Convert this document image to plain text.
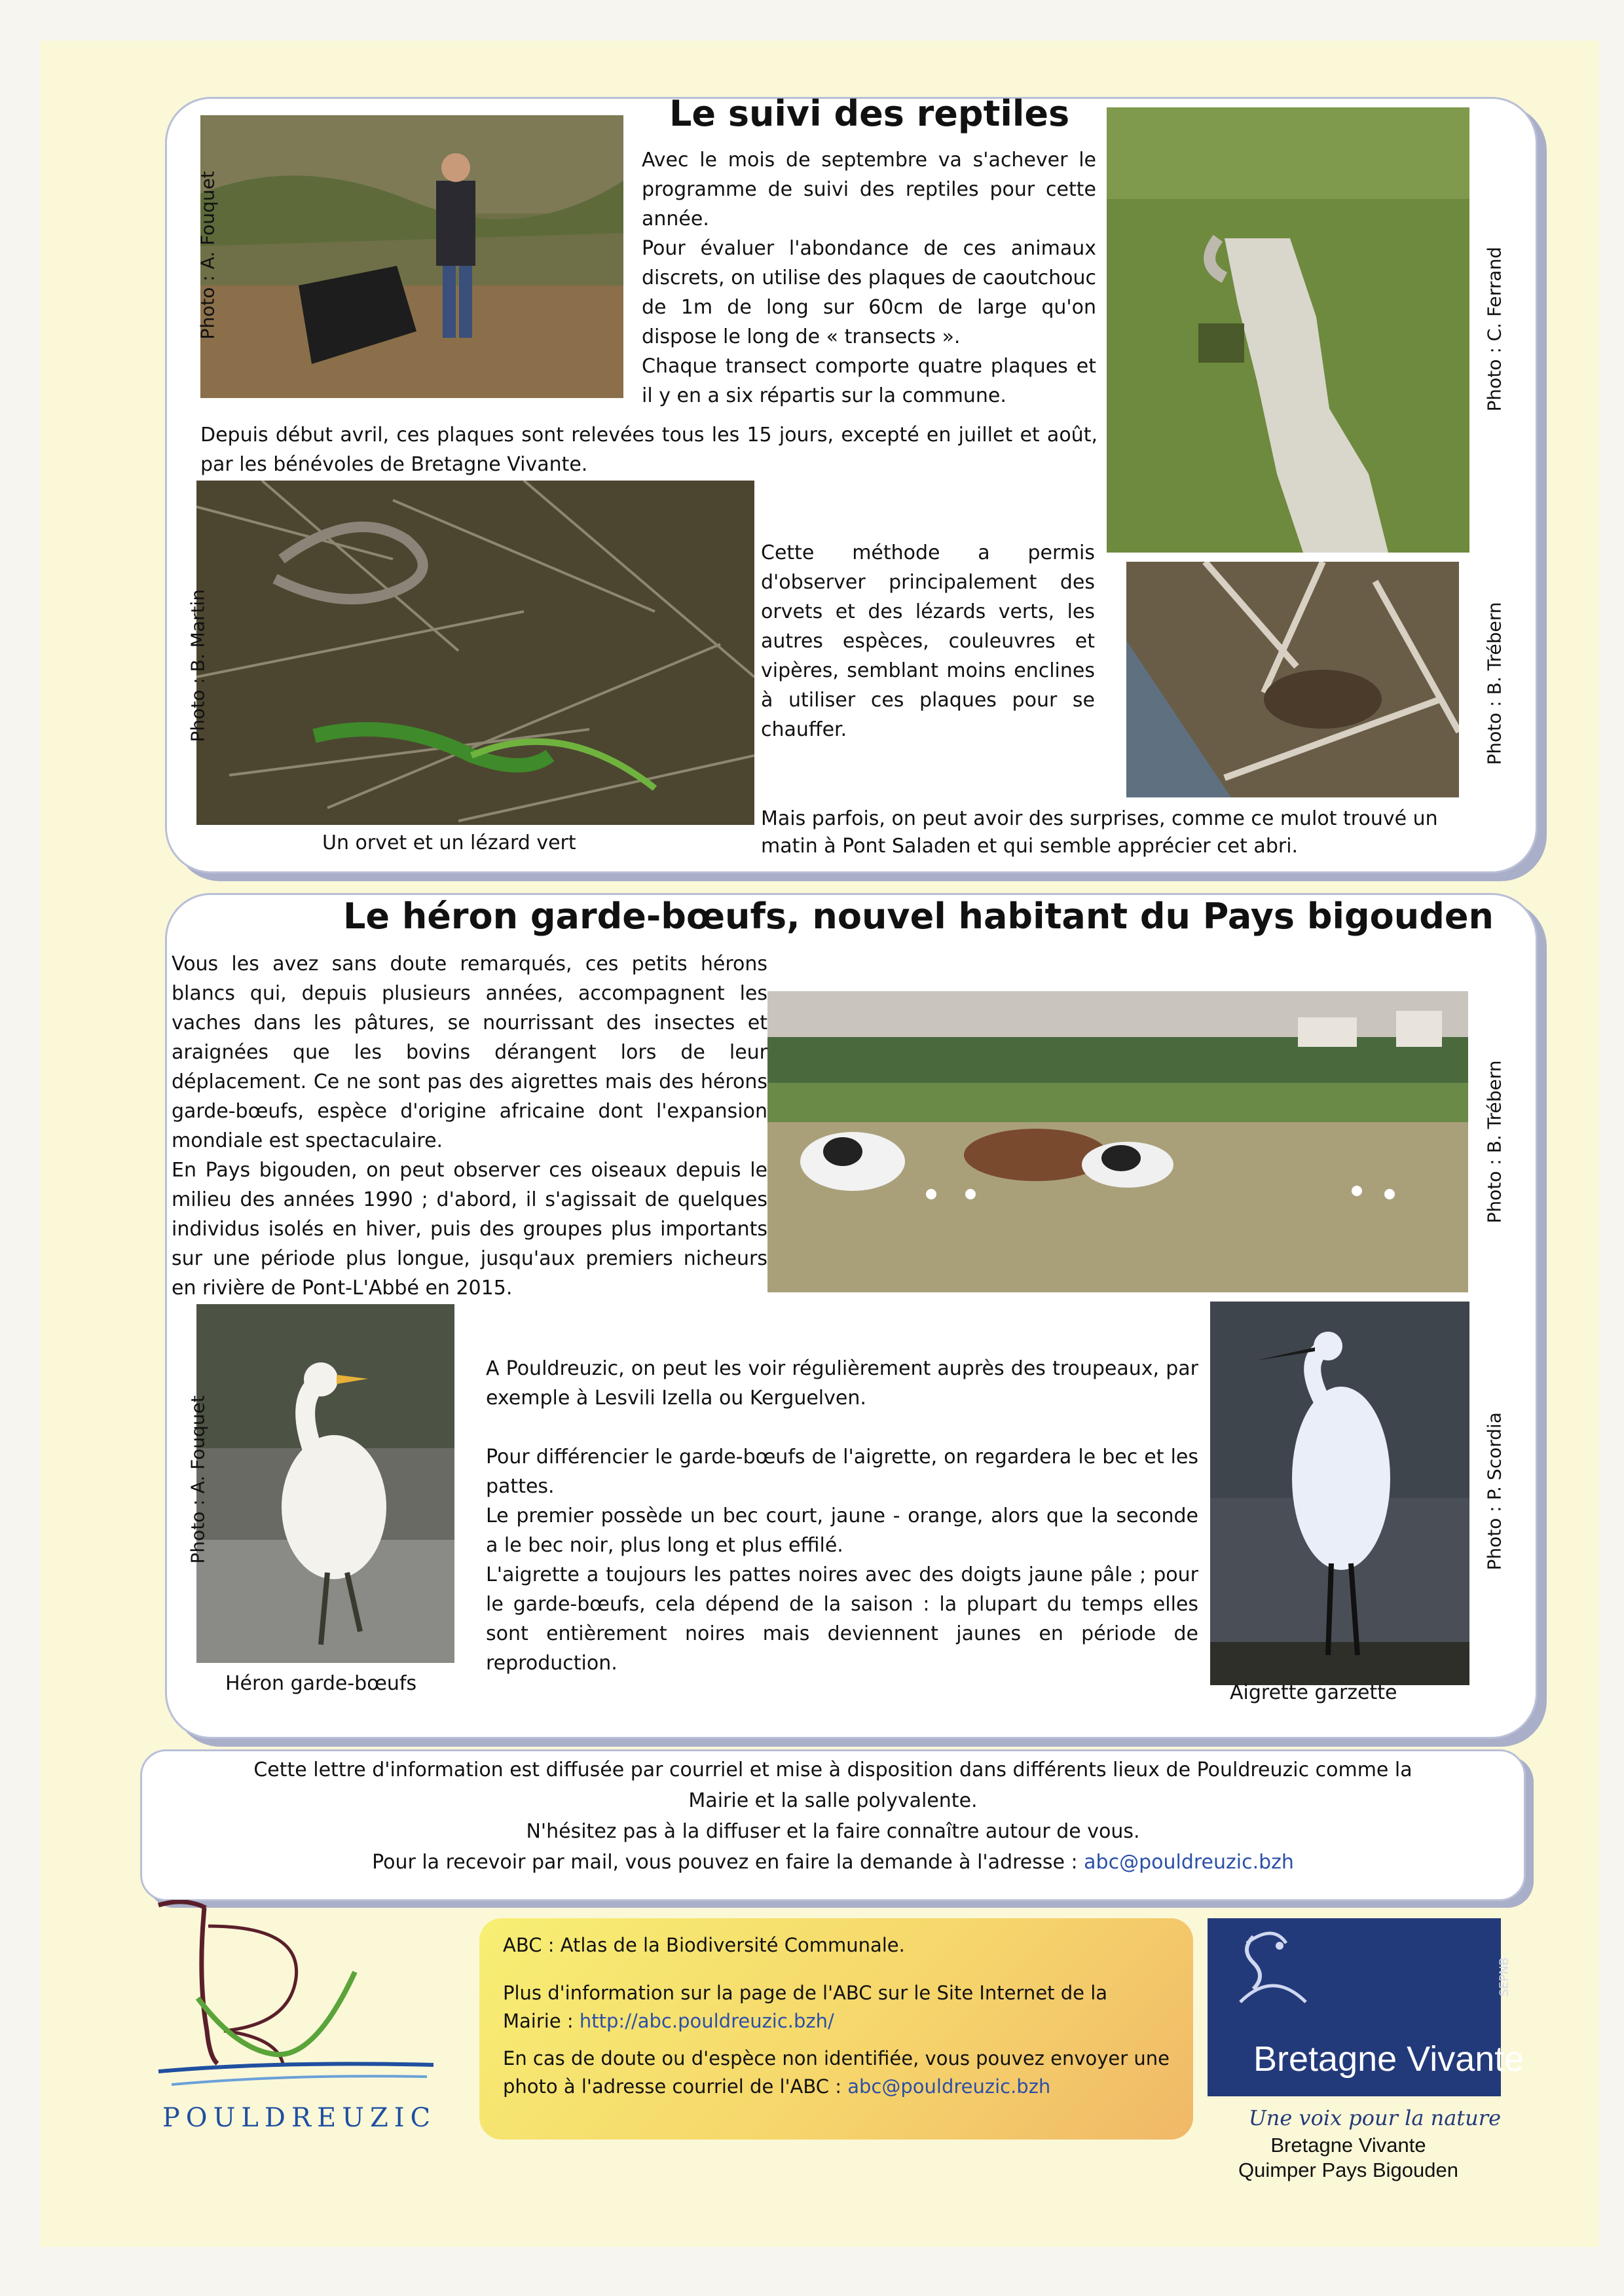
Le suivi des reptiles
Photo : A. Fouquet
Avec le mois de septembre va s'achever le programme de suivi des reptiles pour cette année.
Pour évaluer l'abondance de ces animaux discrets, on utilise des plaques de caoutchouc de 1m de long sur 60cm de large qu'on dispose le long de « transects ».
Chaque transect comporte quatre plaques et il y en a six répartis sur la commune.	Photo : C. Ferrand
Depuis début avril, ces plaques sont relevées tous les 15 jours, excepté en juillet et août, par les bénévoles de Bretagne Vivante.
Photo : B. Martin
Un orvet et un lézard vert
Cette méthode a permis d'observer principalement des orvets et des lézards verts, les autres espèces, couleuvres et vipères, semblant moins enclines à utiliser ces plaques pour se chauffer.	Photo : B. Trébern
Mais parfois, on peut avoir des surprises, comme ce mulot trouvé un matin à Pont Saladen et qui semble apprécier cet abri.
Le héron garde-bœufs, nouvel habitant du Pays bigouden
Vous les avez sans doute remarqués, ces petits hérons blancs qui, depuis plusieurs années, accompagnent les vaches dans les pâtures, se nourrissant des insectes et araignées que les bovins dérangent lors de leur déplacement. Ce ne sont pas des aigrettes mais des hérons garde-bœufs, espèce d'origine africaine dont l'expansion mondiale est spectaculaire.
En Pays bigouden, on peut observer ces oiseaux depuis le milieu des années 1990 ; d'abord, il s'agissait de quelques individus isolés en hiver, puis des groupes plus importants sur une période plus longue, jusqu'aux premiers nicheurs en rivière de Pont-L'Abbé en 2015.
Photo : B. Trébern
Photo : A. Fouquet
Héron garde-bœufs
A Pouldreuzic, on peut les voir régulièrement auprès des troupeaux, par exemple à Lesvili Izella ou Kerguelven.
Pour différencier le garde-bœufs de l'aigrette, on regardera le bec et les pattes.
Le premier possède un bec court, jaune - orange, alors que la seconde a le bec noir, plus long et plus effilé.
L'aigrette a toujours les pattes noires avec des doigts jaune pâle ; pour le garde-bœufs, cela dépend de la saison : la plupart du temps elles sont entièrement noires mais deviennent jaunes en période de reproduction.
Photo : P. Scordia
Aigrette garzette
Cette lettre d'information est diffusée par courriel et mise à disposition dans différents lieux de Pouldreuzic comme la Mairie et la salle polyvalente.
N'hésitez pas à la diffuser et la faire connaître autour de vous.
Pour la recevoir par mail, vous pouvez en faire la demande à l'adresse : abc@pouldreuzic.bzh
POULDREUZIC
ABC : Atlas de la Biodiversité Communale.
Plus d'information sur la page de l'ABC sur le Site Internet de la Mairie : http://abc.pouldreuzic.bzh/
En cas de doute ou d'espèce non identifiée, vous pouvez envoyer une photo à l'adresse courriel de l'ABC : abc@pouldreuzic.bzh
SEPNB
Bretagne Vivante
Une voix pour la nature
Bretagne Vivante
Quimper Pays Bigouden
